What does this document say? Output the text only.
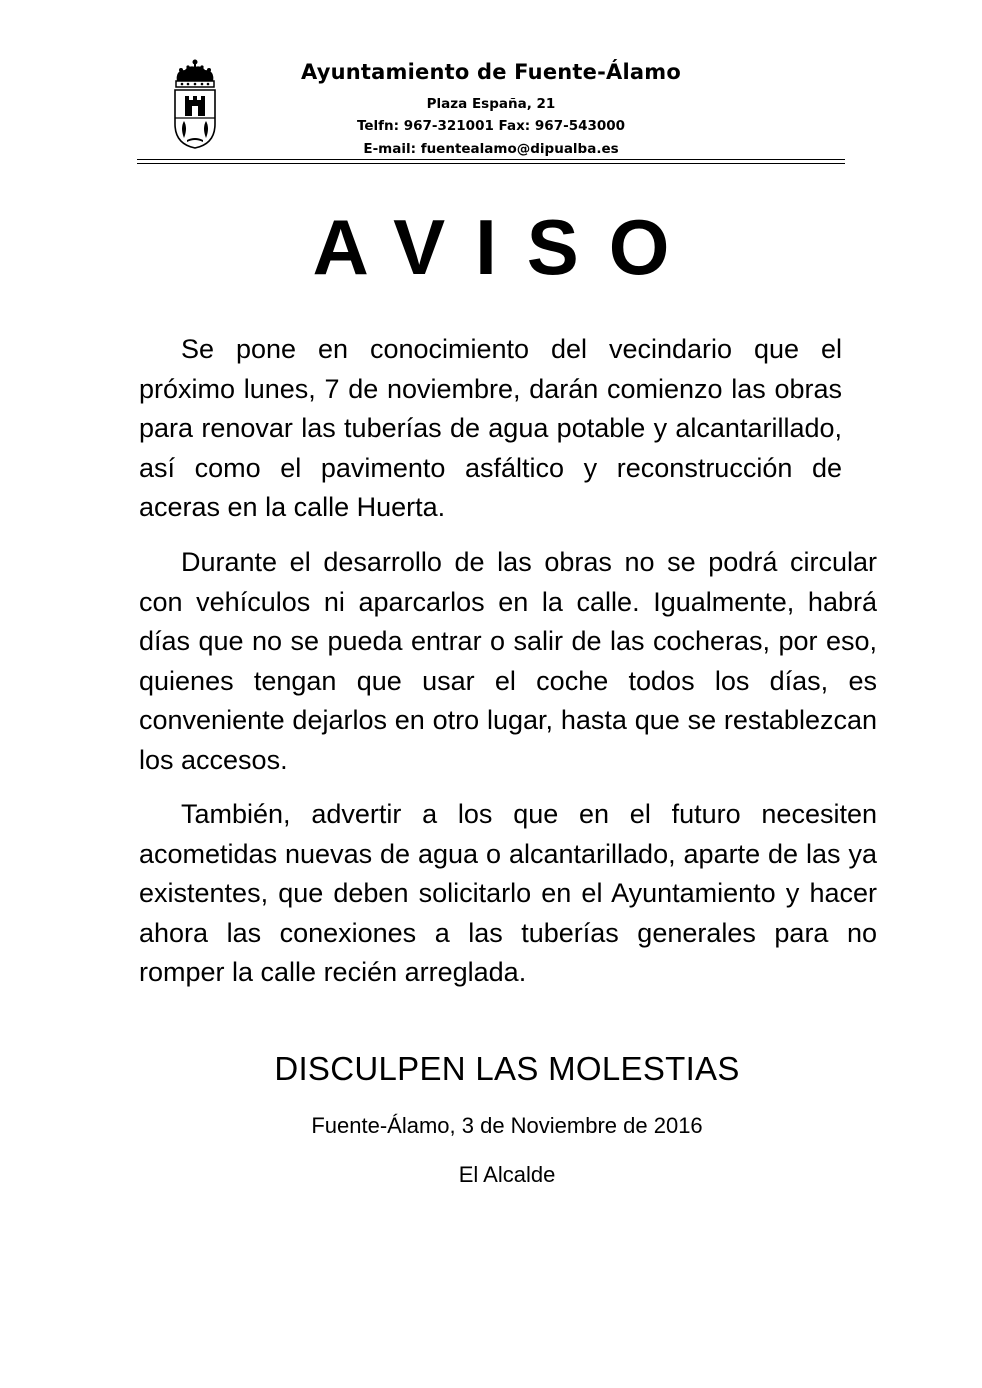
Ayuntamiento de Fuente-Álamo
Plaza España, 21
Telfn: 967-321001 Fax: 967-543000
E-mail: fuentealamo@dipualba.es
AVISO

Se pone en conocimiento del vecindario que el próximo lunes, 7 de noviembre, darán comienzo las obras para renovar las tuberías de agua potable y alcantarillado, así como el pavimento asfáltico y reconstrucción de aceras en la calle Huerta.

Durante el desarrollo de las obras no se podrá circular con vehículos ni aparcarlos en la calle. Igualmente, habrá días que no se pueda entrar o salir de las cocheras, por eso, quienes tengan que usar el coche todos los días, es conveniente dejarlos en otro lugar, hasta que se restablezcan los accesos.

También, advertir a los que en el futuro necesiten acometidas nuevas de agua o alcantarillado, aparte de las ya existentes, que deben solicitarlo en el Ayuntamiento y hacer ahora las conexiones a las tuberías generales para no romper la calle recién arreglada.

DISCULPEN LAS MOLESTIAS
Fuente-Álamo, 3 de Noviembre de 2016
El Alcalde
